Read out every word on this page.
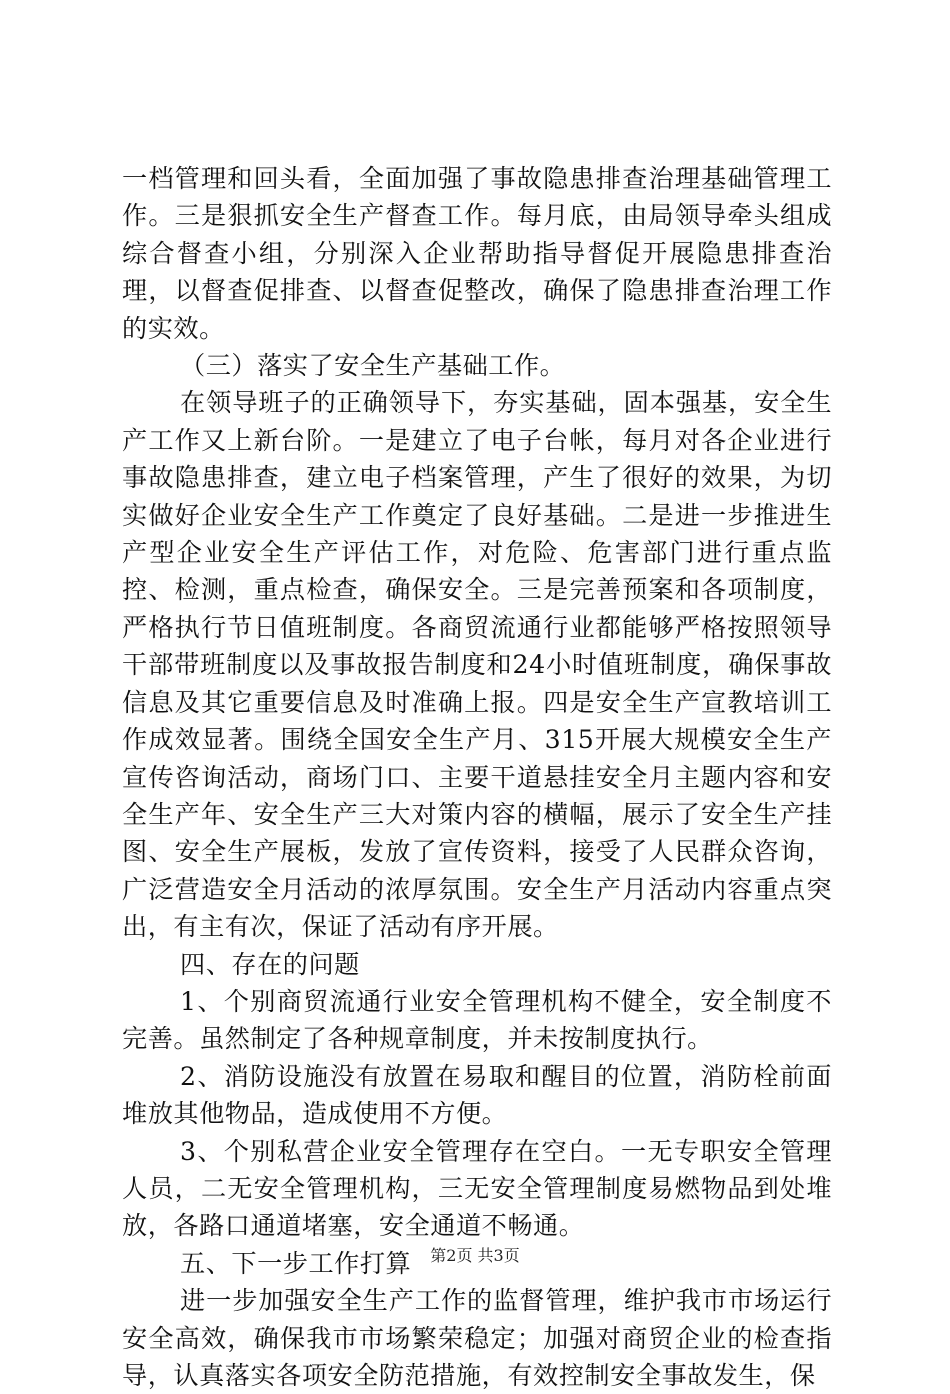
一档管理和回头看，全面加强了事故隐患排查治理基础管理工作。三是狠抓安全生产督查工作。每月底，由局领导牵头组成综合督查小组，分别深入企业帮助指导督促开展隐患排查治理，以督查促排查、以督查促整改，确保了隐患排查治理工作的实效。

（三）落实了安全生产基础工作。

在领导班子的正确领导下，夯实基础，固本强基，安全生产工作又上新台阶。一是建立了电子台帐，每月对各企业进行事故隐患排查，建立电子档案管理，产生了很好的效果，为切实做好企业安全生产工作奠定了良好基础。二是进一步推进生产型企业安全生产评估工作，对危险、危害部门进行重点监控、检测，重点检查，确保安全。三是完善预案和各项制度，严格执行节日值班制度。各商贸流通行业都能够严格按照领导干部带班制度以及事故报告制度和24小时值班制度，确保事故信息及其它重要信息及时准确上报。四是安全生产宣教培训工作成效显著。围绕全国安全生产月、315开展大规模安全生产宣传咨询活动，商场门口、主要干道悬挂安全月主题内容和安全生产年、安全生产三大对策内容的横幅，展示了安全生产挂图、安全生产展板，发放了宣传资料，接受了人民群众咨询，广泛营造安全月活动的浓厚氛围。安全生产月活动内容重点突出，有主有次，保证了活动有序开展。

四、存在的问题

1、个别商贸流通行业安全管理机构不健全，安全制度不完善。虽然制定了各种规章制度，并未按制度执行。

2、消防设施没有放置在易取和醒目的位置，消防栓前面堆放其他物品，造成使用不方便。

3、个别私营企业安全管理存在空白。一无专职安全管理人员，二无安全管理机构，三无安全管理制度易燃物品到处堆放，各路口通道堵塞，安全通道不畅通。

五、下一步工作打算

进一步加强安全生产工作的监督管理，维护我市市场运行安全高效，确保我市市场繁荣稳定；加强对商贸企业的检查指导，认真落实各项安全防范措施，有效控制安全事故发生，保

第2页 共3页
